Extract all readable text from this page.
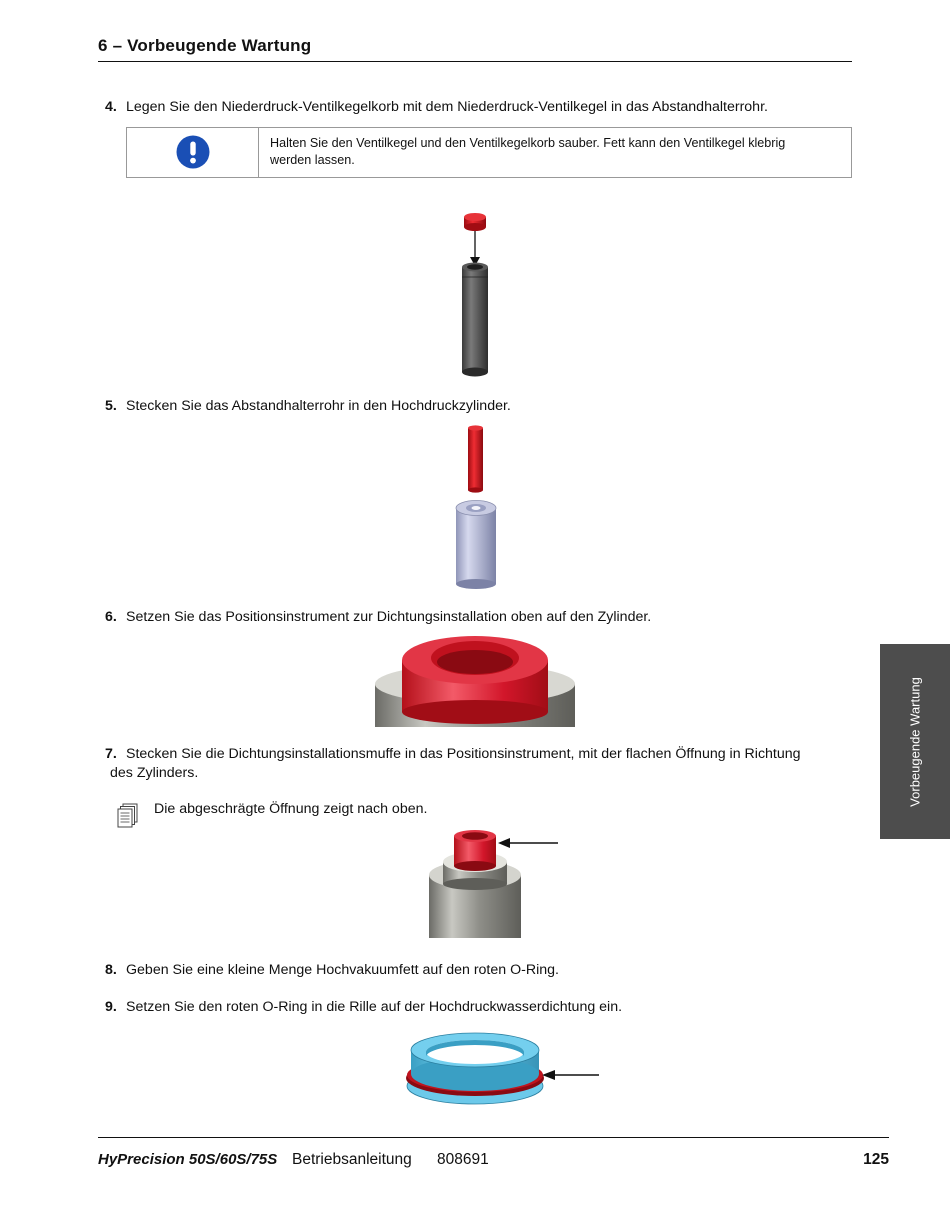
6 – Vorbeugende Wartung
4. Legen Sie den Niederdruck-Ventilkegelkorb mit dem Niederdruck-Ventilkegel in das Abstandhalterrohr.
Halten Sie den Ventilkegel und den Ventilkegelkorb sauber. Fett kann den Ventilkegel klebrig
werden lassen.
5. Stecken Sie das Abstandhalterrohr in den Hochdruckzylinder.
6. Setzen Sie das Positionsinstrument zur Dichtungsinstallation oben auf den Zylinder.
7. Stecken Sie die Dichtungsinstallationsmuffe in das Positionsinstrument, mit der flachen Öffnung in Richtung
des Zylinders.
Die abgeschrägte Öffnung zeigt nach oben.
8. Geben Sie eine kleine Menge Hochvakuumfett auf den roten O-Ring.
9. Setzen Sie den roten O-Ring in die Rille auf der Hochdruckwasserdichtung ein.
Vorbeugende Wartung
HyPrecision 50S/60S/75S Betriebsanleitung 808691	125
